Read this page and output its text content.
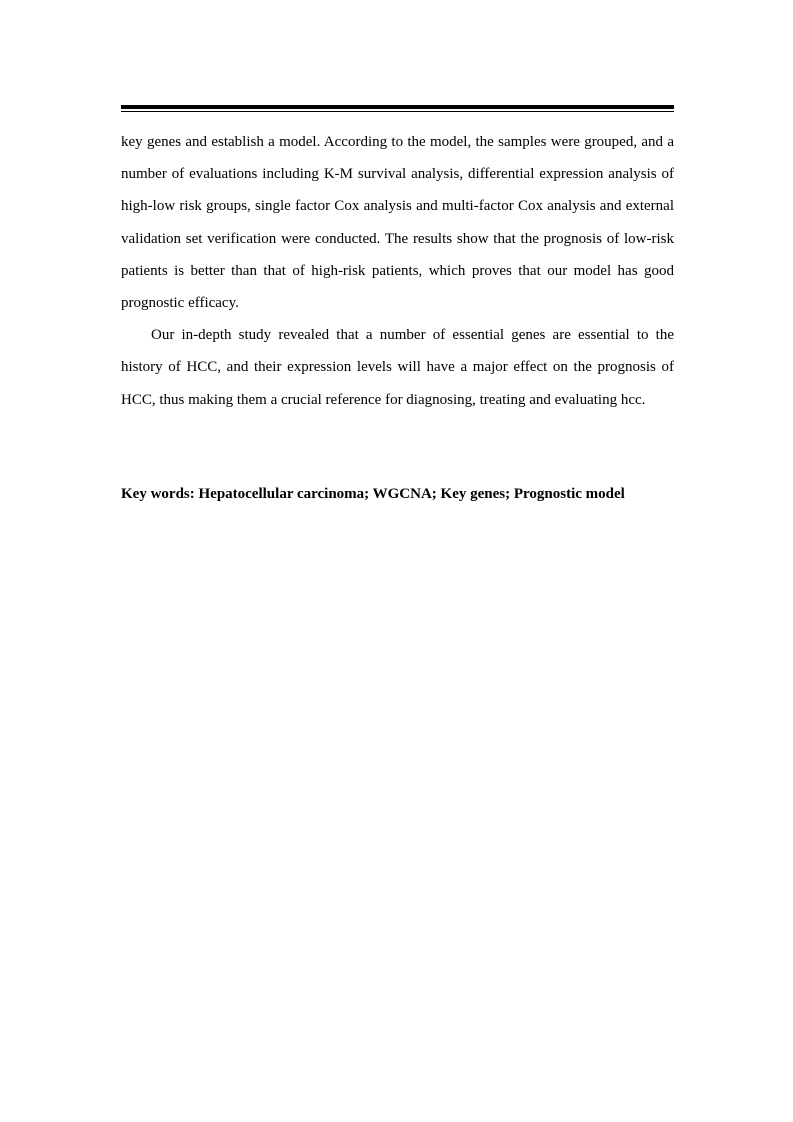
key genes and establish a model. According to the model, the samples were grouped, and a number of evaluations including K-M survival analysis, differential expression analysis of high-low risk groups, single factor Cox analysis and multi-factor Cox analysis and external validation set verification were conducted. The results show that the prognosis of low-risk patients is better than that of high-risk patients, which proves that our model has good prognostic efficacy.

Our in-depth study revealed that a number of essential genes are essential to the history of HCC, and their expression levels will have a major effect on the prognosis of HCC, thus making them a crucial reference for diagnosing, treating and evaluating hcc.

Key words: Hepatocellular carcinoma; WGCNA; Key genes; Prognostic model
